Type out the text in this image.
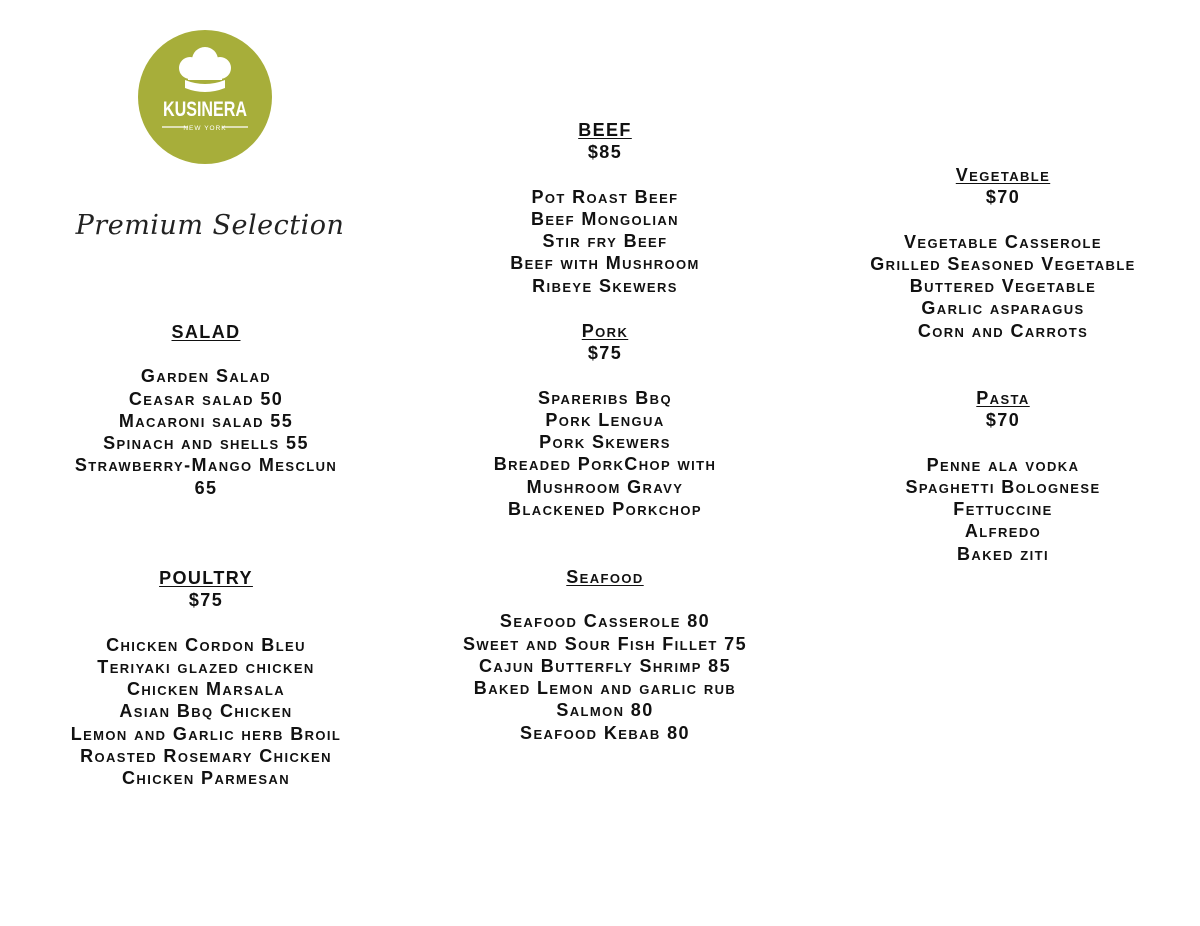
KUSINERA
NEW YORK
Premium Selection
SALAD
Garden Salad
Ceasar salad 50
Macaroni salad 55
Spinach and shells 55
Strawberry-Mango Mesclun
65
POULTRY
$75
Chicken Cordon Bleu
Teriyaki glazed chicken
Chicken Marsala
Asian Bbq Chicken
Lemon and Garlic herb Broil
Roasted Rosemary Chicken
Chicken Parmesan
BEEF
$85
Pot Roast Beef
Beef Mongolian
Stir fry Beef
Beef with Mushroom
Ribeye Skewers
Pork
$75
Spareribs Bbq
Pork Lengua
Pork Skewers
Breaded PorkChop with
Mushroom Gravy
Blackened Porkchop
Seafood
Seafood Casserole 80
Sweet and Sour Fish Fillet 75
Cajun Butterfly Shrimp 85
Baked Lemon and garlic rub
Salmon 80
Seafood Kebab 80
Vegetable
$70
Vegetable Casserole
Grilled Seasoned Vegetable
Buttered Vegetable
Garlic asparagus
Corn and Carrots
Pasta
$70
Penne ala vodka
Spaghetti Bolognese
Fettuccine
Alfredo
Baked ziti
